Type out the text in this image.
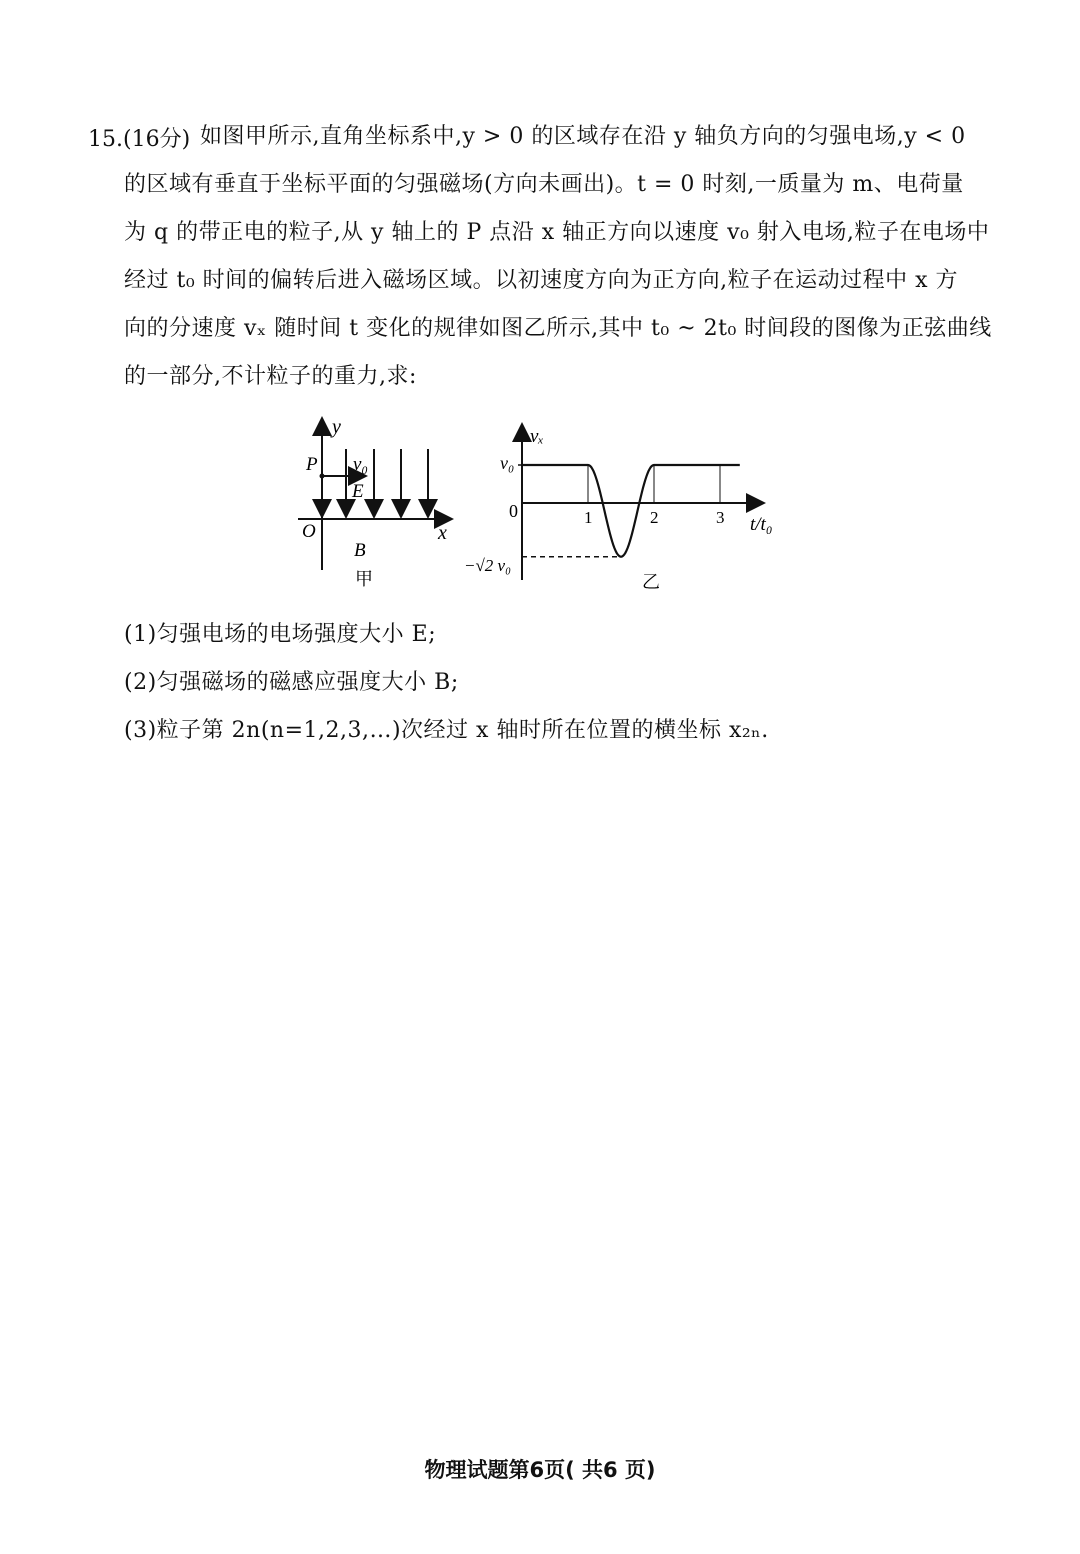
15.(16分) 如图甲所示,直角坐标系中,y > 0 的区域存在沿 y 轴负方向的匀强电场,y < 0
的区域有垂直于坐标平面的匀强磁场(方向未画出)。t = 0 时刻,一质量为 m、电荷量
为 q 的带正电的粒子,从 y 轴上的 P 点沿 x 轴正方向以速度 v₀ 射入电场,粒子在电场中
经过 t₀ 时间的偏转后进入磁场区域。以初速度方向为正方向,粒子在运动过程中 x 方
向的分速度 vₓ 随时间 t 变化的规律如图乙所示,其中 t₀ ~ 2t₀ 时间段的图像为正弦曲线
的一部分,不计粒子的重力,求:
y
P v₀
E
O	x
B
甲
1	2	3
vₓ
v₀
0
−√2 v₀
t/t₀
乙
(1)匀强电场的电场强度大小 E;
(2)匀强磁场的磁感应强度大小 B;
(3)粒子第 2n(n=1,2,3,…)次经过 x 轴时所在位置的横坐标 x₂ₙ.
物理试题第6页( 共6 页)
